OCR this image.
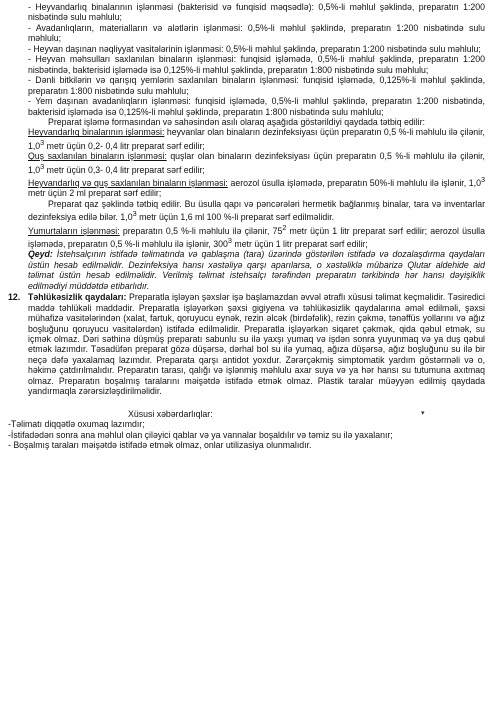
- Heyvandarlıq binalarının işlənməsi (bakterisid və funqisid məqsədlə): 0,5%-li məhlul şəklində, preparatın 1:200 nisbətində sulu məhlulu;

- Avadanlıqların, materialların və alətlərin işlənməsi: 0,5%-li məhlul şəklində, preparatın 1:200 nisbətində sulu məhlulu;

- Heyvan daşınan nəqliyyat vasitələrinin işlənməsi: 0,5%-li məhlul şəklində, preparatın 1:200 nisbətində sulu məhlulu;

- Heyvan məhsulları saxlanılan binaların işlənməsi: funqisid işləmədə, 0,5%-li məhlul şəklində, preparatın 1:200 nisbətində, bakterisid işləmədə isə 0,125%-li məhlul şəklində, preparatın 1:800 nisbətində sulu məhlulu;

- Dənli bitkilərin və qarışıq yemlərin saxlanılan binaların işlənməsi: funqisid işləmədə, 0,125%-li məhlul şəklində, preparatın 1:800 nisbətində sulu məhlulu;

- Yem daşınan avadanlıqların işlənməsi: funqisid işləmədə, 0,5%-li məhlul şəklində, preparatın 1:200 nisbətində, bakterisid işləmədə isə 0,125%-li məhlul şəklində, preparatın 1:800 nisbətində sulu məhlulu;

Preparat işləmə formasından və sahəsindən asılı olaraq aşağıda göstərildiyi qaydada tətbiq edilir:

Heyvandarlıq binalarının işlənməsi: heyvanlar olan binaların dezinfeksiyası üçün preparatın 0,5 %-li məhlulu ilə çilənir, $1,0^3$ metr üçün 0,2- 0,4 litr preparat sərf edilir;

Quş saxlanılan binaların işlənməsi: quşlar olan binaların dezinfeksiyası üçün preparatın 0,5 %-li məhlulu ilə çilənir, $1,0^3$ metr üçün 0,3- 0,4 litr preparat sərf edilir;

Heyvandarlıq və quş saxlanılan binaların işlənməsi: aerozol üsulla işləmədə, preparatın 50%-li məhlulu ilə işlənir, $1,0^3$ metr üçün 2 ml preparat sərf edilir;

Preparat qaz şəklində tətbiq edilir. Bu üsulla qapı və pəncərələri hermetik bağlanmış binalar, tara və inventarlar dezinfeksiya edilə bilər. $1,0^3$ metr üçün 1,6 ml 100 %-li preparat sərf edilməlidir.

Yumurtaların işlənməsi: preparatın 0,5 %-li məhlulu ilə çilənir, $75^2$ metr üçün 1 litr preparat sərf edilir; aerozol üsulla işləmədə, preparatın 0,5 %-li məhlulu ilə işlənir, $300^3$ metr üçün 1 litr preparat sərf edilir;

Qeyd: İstehsalçının istifadə təlimatında və qablaşma (tara) üzərində göstərilən istifadə və dozalaşdırma qaydaları üstün hesab edilməlidir. Dezinfeksiya hansı xəstəliyə qarşı aparılarsa, o xəstəliklə mübarizə Qlutar aldehide aid təlimat üstün hesab edilməlidir. Verilmiş təlimat istehsalçı tərəfindən preparatın tərkibində hər hansı dəyişiklik edilmədiyi müddətdə etibarlıdır.

12. Təhlükəsizlik qaydaları: Preparatla işləyən şəxslər işə başlamazdan əvvəl ətraflı xüsusi təlimat keçməlidir. Təsiredici maddə təhlükəli maddədir. Preparatla işləyərkən şəxsi gigiyena və təhlükəsizlik qaydalarına əməl edilməli, şəxsi mühafizə vasitələrindən (xalat, fartuk, qoruyucu eynək, rezin əlcək (birdəfəlik), rezin çəkmə, tənəffüs yollarını və ağız boşluğunu qoruyucu vasitələrdən) istifadə edilməlidir. Preparatla işləyərkən siqaret çəkmək, qida qəbul etmək, su içmək olmaz. Dəri səthinə düşmüş preparatı sabunlu su ilə yaxşı yumaq və işdən sonra yuyunmaq və ya duş qəbul etmək lazımdır. Təsadüfən preparat gözə düşərsə, dərhal bol su ilə yumaq, ağıza düşərsə, ağız boşluğunu su ilə bir neçə dəfə yaxalamaq lazımdır. Preparata qarşı antidot yoxdur. Zərərçəkmiş simptomatik yardım göstərməli və o, həkimə çatdırılmalıdır. Preparatın tarası, qalığı və işlənmiş məhlulu axar suya və ya hər hansı su tutumuna axıtmaq olmaz. Preparatın boşalmış taralarını məişətdə istifadə etmək olmaz. Plastik taralar müəyyən edilmiş qaydada yandırmaqla zərərsizləşdirilməlidir.

Xüsusi xəbərdarlıqlar:	▾

-Təlimatı diqqətlə oxumaq lazımdır;

-İstifadədən sonra ana məhlul olan çiləyici qablar və ya vannalar boşaldılır və təmiz su ilə yaxalanır;

- Boşalmış taraları məişətdə istifadə etmək olmaz, onlar utilizasiya olunmalıdır.
